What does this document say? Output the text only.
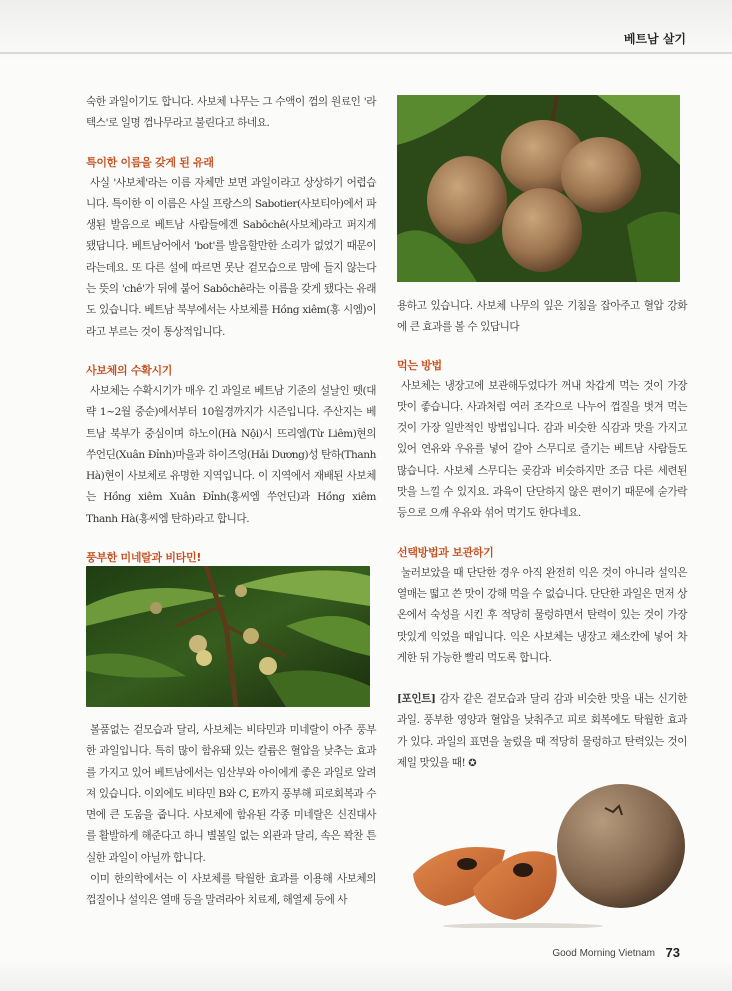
베트남 살기

숙한 과일이기도 합니다. 사보체 나무는 그 수액이 껌의 원료인 '라텍스'로 일명 껌나무라고 불린다고 하네요.

특이한 이름을 갖게 된 유래

사실 '사보체'라는 이름 자체만 보면 과일이라고 상상하기 어렵습니다. 특이한 이 이름은 사실 프랑스의 Sabotier(사보티아)에서 파생된 발음으로 베트남 사람들에겐 Sabôchê(사보체)라고 퍼지게 됐답니다. 베트남어에서 'bot'를 발음할만한 소리가 없었기 때문이라는데요. 또 다른 설에 따르면 못난 겉모습으로 맘에 들지 않는다는 뜻의 'chê'가 뒤에 붙어 Sabôchê라는 이름을 갖게 됐다는 유래도 있습니다. 베트남 북부에서는 사보체를 Hồng xiêm(홍 시엠)이라고 부르는 것이 통상적입니다.

사보체의 수확시기

사보체는 수확시기가 매우 긴 과일로 베트남 기준의 설날인 뗏(대략 1~2월 중순)에서부터 10월경까지가 시즌입니다. 주산지는 베트남 북부가 중심이며 하노이(Hà Nội)시 뜨리엠(Từ Liêm)현의 쑤언딘(Xuân Đỉnh)마을과 하이즈엉(Hải Dương)성 탄하(Thanh Hà)현이 사보체로 유명한 지역입니다. 이 지역에서 재배된 사보체는 Hồng xiêm Xuân Đỉnh(홍씨엠 쑤언딘)과 Hồng xiêm Thanh Hà(홍씨엠 탄하)라고 합니다.

풍부한 미네랄과 비타민!

볼품없는 겉모습과 달리, 사보체는 비타민과 미네랄이 아주 풍부한 과일입니다. 특히 많이 함유돼 있는 칼륨은 혈압을 낮추는 효과를 가지고 있어 베트남에서는 임산부와 아이에게 좋은 과일로 알려져 있습니다. 이외에도 비타민 B와 C, E까지 풍부해 피로회복과 수면에 큰 도움을 줍니다. 사보체에 함유된 각종 미네랄은 신진대사를 활발하게 해준다고 하니 별볼일 없는 외관과 달리, 속은 꽉찬 튼실한 과일이 아닐까 합니다.

이미 한의학에서는 이 사보체를 탁월한 효과를 이용해 사보체의 껍질이나 설익은 열매 등을 말려라아 치료제, 해열제 등에 사

용하고 있습니다. 사보체 나무의 잎은 기침을 잡아주고 혈압 강화에 큰 효과를 볼 수 있답니다

먹는 방법

사보체는 냉장고에 보관해두었다가 꺼내 차갑게 먹는 것이 가장 맛이 좋습니다. 사과처럼 여러 조각으로 나누어 껍질을 벗겨 먹는 것이 가장 일반적인 방법입니다. 감과 비슷한 식감과 맛을 가지고 있어 연유와 우유를 넣어 갈아 스무디로 즐기는 베트남 사람들도 많습니다. 사보체 스무디는 곶감과 비슷하지만 조금 다른 세련된 맛을 느낄 수 있지요. 과육이 단단하지 않은 편이기 때문에 숟가락 등으로 으깨 우유와 섞어 먹기도 한다네요.

선택방법과 보관하기

눌러보았을 때 단단한 경우 아직 완전히 익은 것이 아니라 설익은 열매는 떫고 쓴 맛이 강해 먹을 수 없습니다. 단단한 과일은 먼저 상온에서 숙성을 시킨 후 적당히 물렁하면서 탄력이 있는 것이 가장 맛있게 익었을 때입니다. 익은 사보체는 냉장고 채소칸에 넣어 차게한 뒤 가능한 빨리 먹도록 합니다.

[포인트] 감자 같은 겉모습과 달리 감과 비슷한 맛을 내는 신기한 과일. 풍부한 영양과 혈압을 낮춰주고 피로 회복에도 탁월한 효과가 있다. 과일의 표면을 눌렀을 때 적당히 물렁하고 탄력있는 것이 제일 맛있을 때! ✪

Good Morning Vietnam 73
